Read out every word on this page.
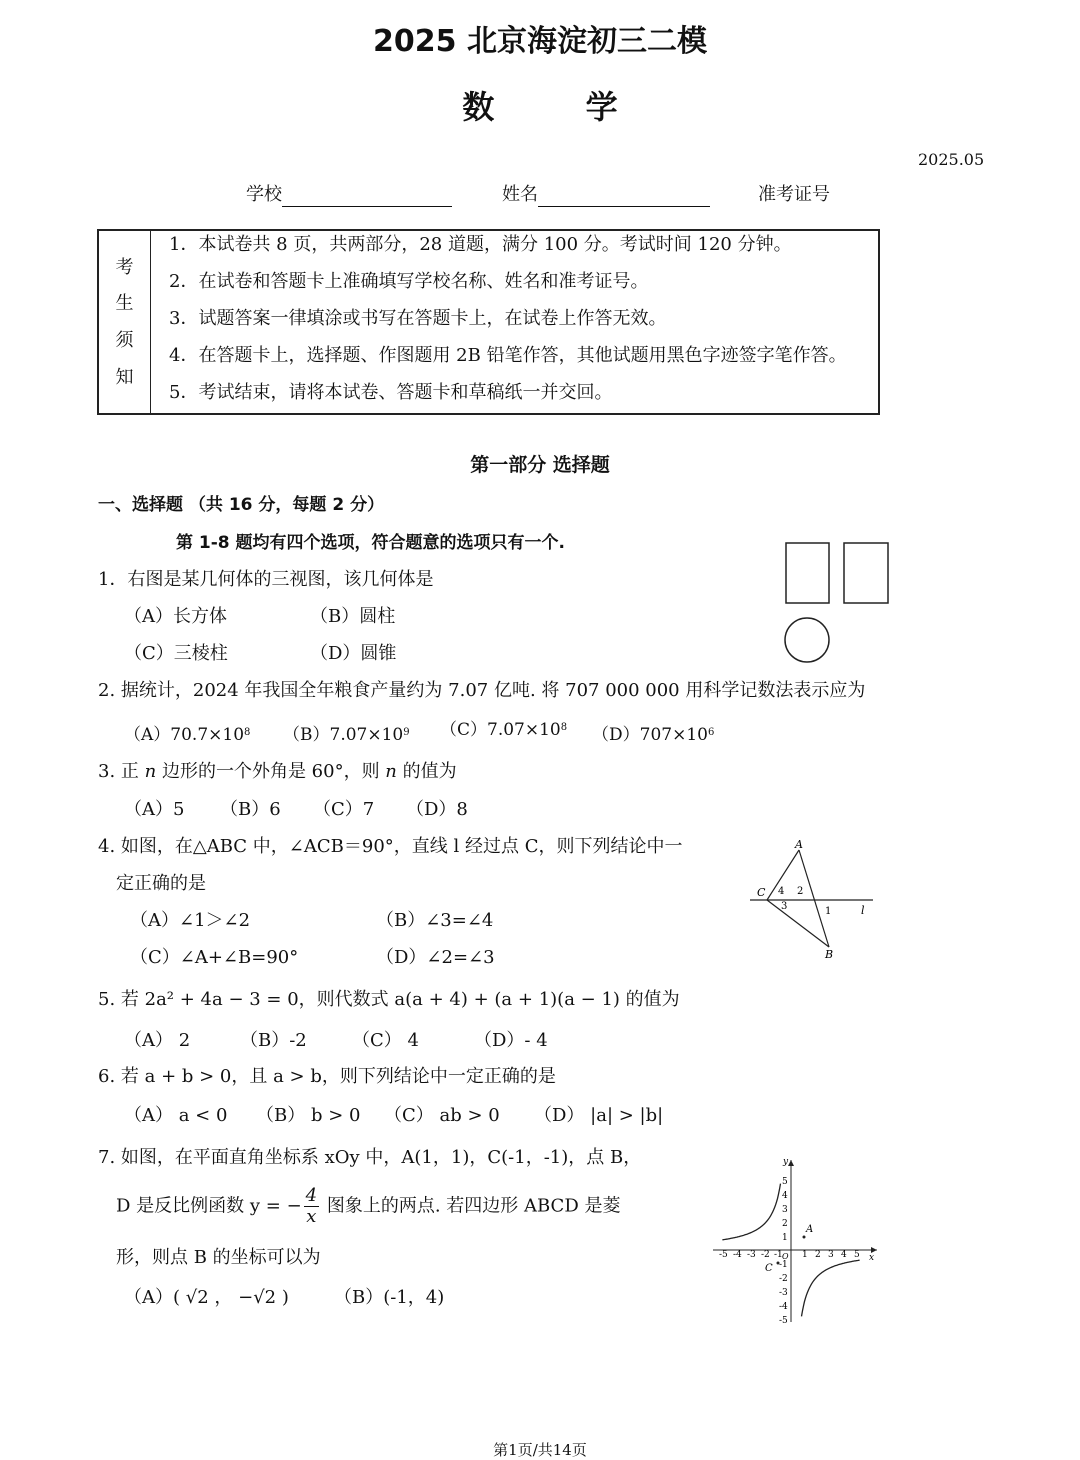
2025 北京海淀初三二模
数 学
2025.05
学校	姓名	准考证号
考
生
须
知
1．本试卷共 8 页，共两部分，28 道题，满分 100 分。考试时间 120 分钟。
2．在试卷和答题卡上准确填写学校名称、姓名和准考证号。
3．试题答案一律填涂或书写在答题卡上，在试卷上作答无效。
4．在答题卡上，选择题、作图题用 2B 铅笔作答，其他试题用黑色字迹签字笔作答。
5．考试结束，请将本试卷、答题卡和草稿纸一并交回。
第一部分 选择题
一、选择题 （共 16 分，每题 2 分）
第 1-8 题均有四个选项，符合题意的选项只有一个.
1．右图是某几何体的三视图，该几何体是
（A）长方体	（B）圆柱
（C）三棱柱	（D）圆锥
2. 据统计，2024 年我国全年粮食产量约为 7.07 亿吨. 将 707 000 000 用科学记数法表示应为
$(A)70.7\times 10^8$ $(B)7.07\times 10^9$ $(C)7.07\times 10^8$ $(D)707\times 10^6$
3. 正 n 边形的一个外角是 60°，则 n 的值为
（A）5 （B）6 （C）7 （D）8
4. 如图，在△ABC 中，∠ACB＝90°，直线 l 经过点 C，则下列结论中一
定正确的是
（A）∠1＞∠2	（B）∠3=∠4
（C）∠A+∠B=90°	（D）∠2=∠3
A
C
B
l
1
2
3
4
5. 若 2a² + 4a − 3 = 0，则代数式 a(a + 4) + (a + 1)(a − 1) 的值为
（A） 2	（B）-2	（C） 4	（D）- 4
6. 若 a + b > 0，且 a > b，则下列结论中一定正确的是
（A） a < 0 （B） b > 0 （C） ab > 0 （D） |a| > |b|
7. 如图，在平面直角坐标系 xOy 中，A(1，1)，C(-1，-1)，点 B，
D 是反比例函数 y = − $\frac{4}{x}$ 图象上的两点. 若四边形 ABCD 是菱
形，则点 B 的坐标可以为
（A）( √2 ， −√2 )	（B）(-1，4)
x
y
O
-5 -4 -3 -2 -1 1 2 3 4 5
1
2
3
4
5
-1
-2
-3
-4
-5
A
C
第1页/共14页
